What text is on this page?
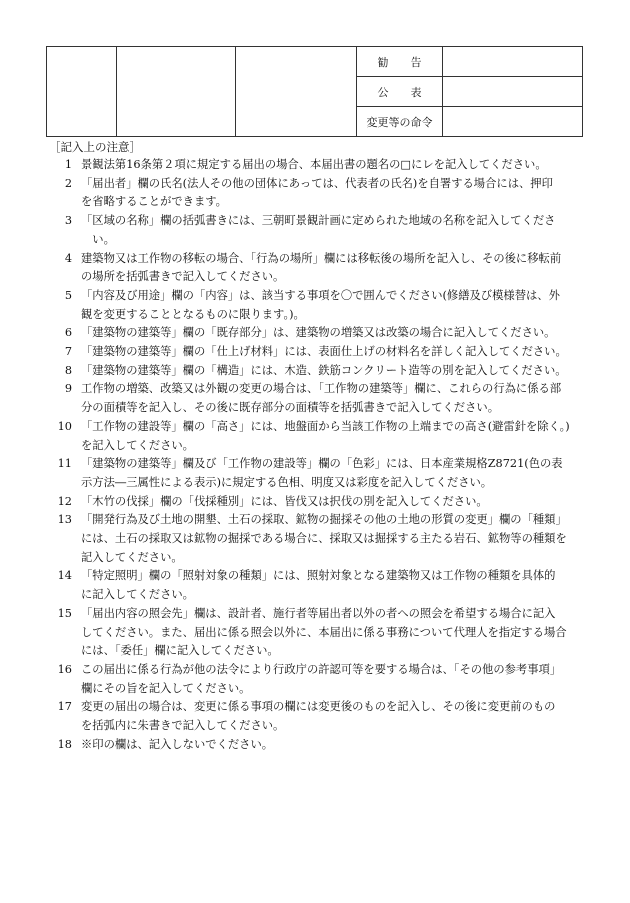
			勧　　告	
			公　　表	
			変更等の命令	
［記入上の注意］
1 景観法第16条第２項に規定する届出の場合、本届出書の題名の□にレを記入してください。
2 「届出者」欄の氏名(法人その他の団体にあっては、代表者の氏名)を自署する場合には、押印
を省略することができます。
3 「区域の名称」欄の括弧書きには、三朝町景観計画に定められた地域の名称を記入してくださ
　い。
4 建築物又は工作物の移転の場合、「行為の場所」欄には移転後の場所を記入し、その後に移転前
の場所を括弧書きで記入してください。
5 「内容及び用途」欄の「内容」は、該当する事項を〇で囲んでください(修繕及び模様替は、外
観を変更することとなるものに限ります。)。
6 「建築物の建築等」欄の「既存部分」は、建築物の増築又は改築の場合に記入してください。
7 「建築物の建築等」欄の「仕上げ材料」には、表面仕上げの材料名を詳しく記入してください。
8 「建築物の建築等」欄の「構造」には、木造、鉄筋コンクリート造等の別を記入してください。
9 工作物の増築、改築又は外観の変更の場合は、「工作物の建築等」欄に、これらの行為に係る部
分の面積等を記入し、その後に既存部分の面積等を括弧書きで記入してください。
10 「工作物の建設等」欄の「高さ」には、地盤面から当該工作物の上端までの高さ(避雷針を除く。)
を記入してください。
11 「建築物の建築等」欄及び「工作物の建設等」欄の「色彩」には、日本産業規格Z8721(色の表
示方法―三属性による表示)に規定する色相、明度又は彩度を記入してください。
12 「木竹の伐採」欄の「伐採種別」には、皆伐又は択伐の別を記入してください。
13 「開発行為及び土地の開墾、土石の採取、鉱物の掘採その他の土地の形質の変更」欄の「種類」
には、土石の採取又は鉱物の掘採である場合に、採取又は掘採する主たる岩石、鉱物等の種類を
記入してください。
14 「特定照明」欄の「照射対象の種類」には、照射対象となる建築物又は工作物の種類を具体的
に記入してください。
15 「届出内容の照会先」欄は、設計者、施行者等届出者以外の者への照会を希望する場合に記入
してください。また、届出に係る照会以外に、本届出に係る事務について代理人を指定する場合
には、「委任」欄に記入してください。
16 この届出に係る行為が他の法令により行政庁の許認可等を要する場合は、「その他の参考事項」
欄にその旨を記入してください。
17 変更の届出の場合は、変更に係る事項の欄には変更後のものを記入し、その後に変更前のもの
を括弧内に朱書きで記入してください。
18 ※印の欄は、記入しないでください。
